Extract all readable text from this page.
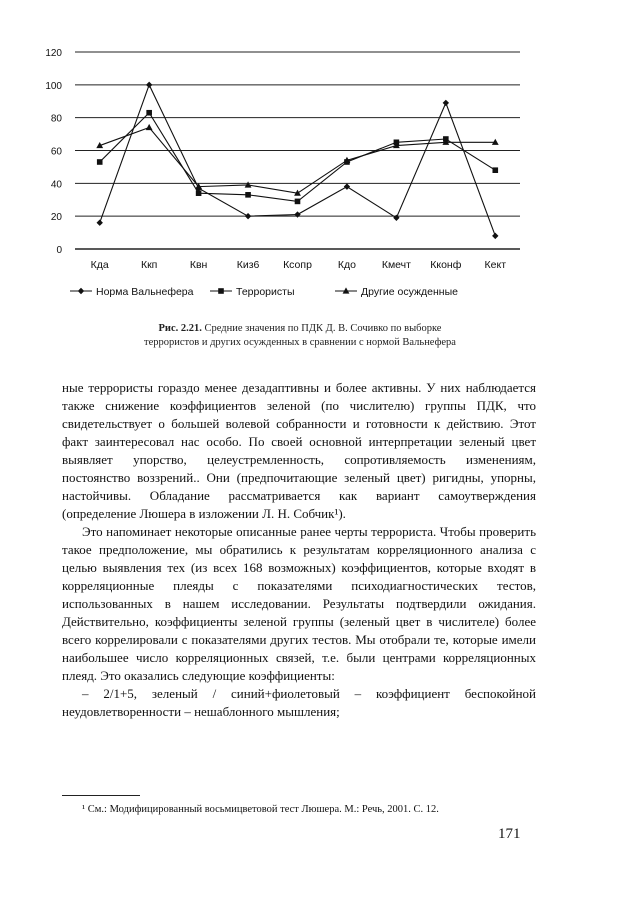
0
20
40
60
80
100
120
Кда	Ккп	Квн	Киз6 Ксопр Кдо Кмечт Кконф Кект
Норма Вальнефера	Террористы	Другие осужденные
Рис. 2.21. Средние значения по ПДК Д. В. Сочивко по выборке
террористов и других осужденных в сравнении с нормой Вальнефера

ные террористы гораздо менее дезадаптивны и более активны. У них наблюдается также снижение коэффициентов зеленой (по числителю) группы ПДК, что свидетельствует о большей волевой собранности и готовности к действию. Этот факт заинтересовал нас особо. По своей основной интерпретации зеленый цвет выявляет упорство, целеустремленность, сопротивляемость изменениям, постоянство воззрений.. Они (предпочитающие зеленый цвет) ригидны, упорны, настойчивы. Обладание рассматривается как вариант самоутверждения (определение Люшера в изложении Л. Н. Собчик¹).

Это напоминает некоторые описанные ранее черты террориста. Чтобы проверить такое предположение, мы обратились к результатам корреляционного анализа с целью выявления тех (из всех 168 возможных) коэффициентов, которые входят в корреляционные плеяды с показателями психодиагностических тестов, использованных в нашем исследовании. Результаты подтвердили ожидания. Действительно, коэффициенты зеленой группы (зеленый цвет в числителе) более всего коррелировали с показателями других тестов. Мы отобрали те, которые имели наибольшее число корреляционных связей, т.е. были центрами корреляционных плеяд. Это оказались следующие коэффициенты:

– 2/1+5, зеленый / синий+фиолетовый – коэффициент беспокойной неудовлетворенности – нешаблонного мышления;

¹ См.: Модифицированный восьмицветовой тест Люшера. М.: Речь, 2001. С. 12.
171
